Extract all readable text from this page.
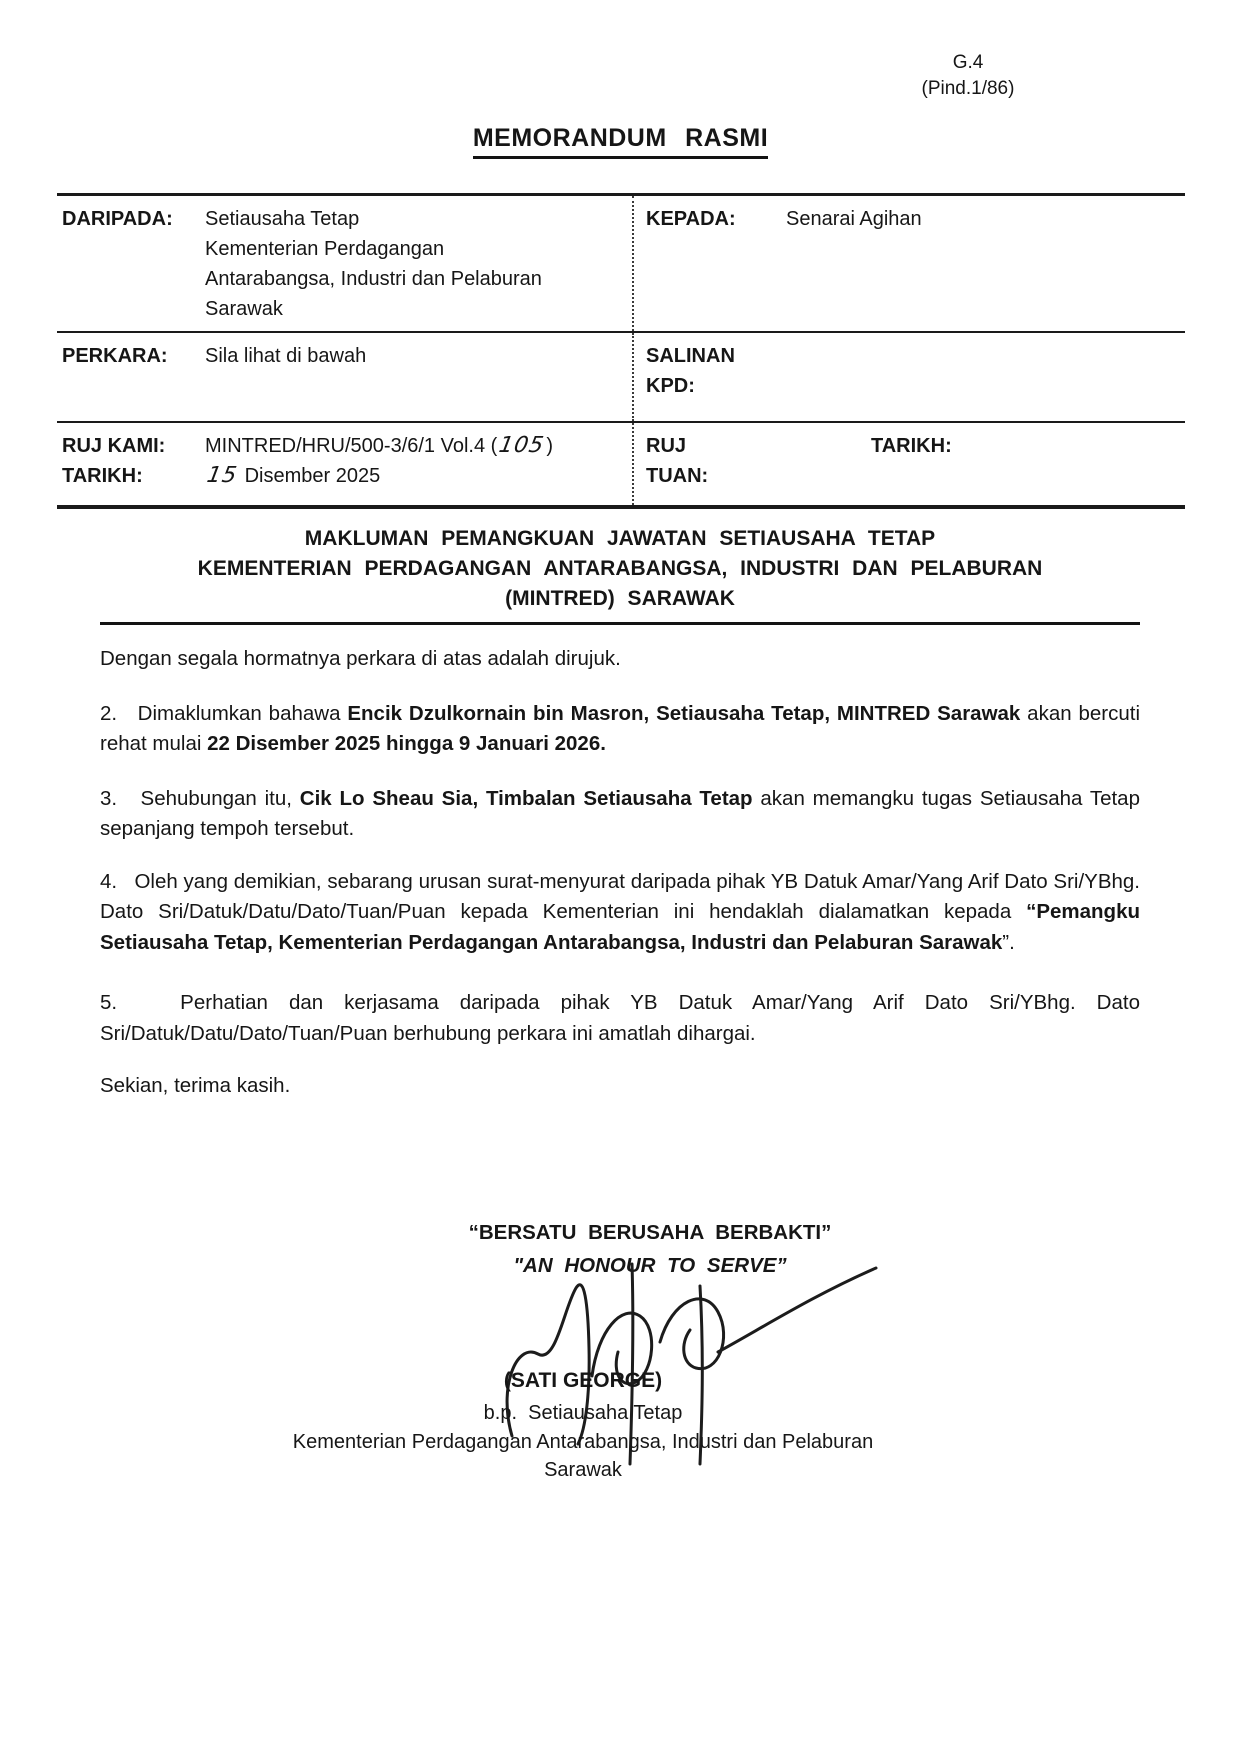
G.4
(Pind.1/86)
MEMORANDUM RASMI
DARIPADA:	Setiausaha Tetap
Kementerian Perdagangan
Antarabangsa, Industri dan Pelaburan
Sarawak
KEPADA:	Senarai Agihan
PERKARA:	Sila lihat di bawah	SALINAN
KPD:
RUJ KAMI:	MINTRED/HRU/500-3/6/1 Vol.4 (105)
TARIKH:	15 Disember 2025
RUJ
TUAN:
TARIKH:
MAKLUMAN PEMANGKUAN JAWATAN SETIAUSAHA TETAP
KEMENTERIAN PERDAGANGAN ANTARABANGSA, INDUSTRI DAN PELABURAN
(MINTRED) SARAWAK

Dengan segala hormatnya perkara di atas adalah dirujuk.

2.   Dimaklumkan bahawa Encik Dzulkornain bin Masron, Setiausaha Tetap, MINTRED Sarawak akan bercuti rehat mulai 22 Disember 2025 hingga 9 Januari 2026.

3.   Sehubungan itu, Cik Lo Sheau Sia, Timbalan Setiausaha Tetap akan memangku tugas Setiausaha Tetap sepanjang tempoh tersebut.

4.   Oleh yang demikian, sebarang urusan surat-menyurat daripada pihak YB Datuk Amar/Yang Arif Dato Sri/YBhg. Dato Sri/Datuk/Datu/Dato/Tuan/Puan kepada Kementerian ini hendaklah dialamatkan kepada “Pemangku Setiausaha Tetap, Kementerian Perdagangan Antarabangsa, Industri dan Pelaburan Sarawak”.

5.   Perhatian dan kerjasama daripada pihak YB Datuk Amar/Yang Arif Dato Sri/YBhg. Dato Sri/Datuk/Datu/Dato/Tuan/Puan berhubung perkara ini amatlah dihargai.

Sekian, terima kasih.

“BERSATU BERUSAHA BERBAKTI”
"AN HONOUR TO SERVE”
(SATI GEORGE)
b.p.  Setiausaha Tetap
Kementerian Perdagangan Antarabangsa, Industri dan Pelaburan
Sarawak
